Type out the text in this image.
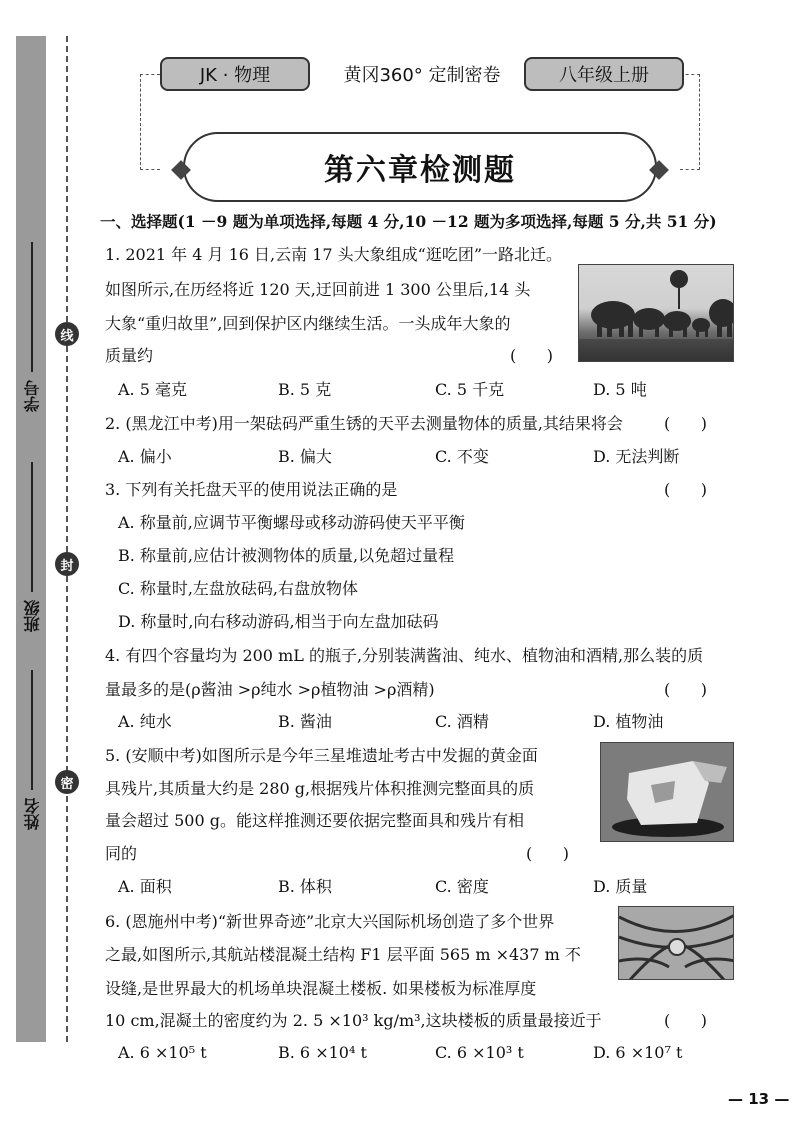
学号
班级
姓名
线
封
密
JK · 物理	黄冈360° 定制密卷	八年级上册
第六章检测题
一、选择题(1 －9 题为单项选择,每题 4 分,10 －12 题为多项选择,每题 5 分,共 51 分)
1. 2021 年 4 月 16 日,云南 17 头大象组成“逛吃团”一路北迁。
如图所示,在历经将近 120 天,迂回前进 1 300 公里后,14 头
大象“重归故里”,回到保护区内继续生活。一头成年大象的
质量约	(      )
A. 5 毫克	B. 5 克	C. 5 千克	D. 5 吨
2. (黑龙江中考)用一架砝码严重生锈的天平去测量物体的质量,其结果将会	(      )
A. 偏小	B. 偏大	C. 不变	D. 无法判断
3. 下列有关托盘天平的使用说法正确的是	(      )
A. 称量前,应调节平衡螺母或移动游码使天平平衡
B. 称量前,应估计被测物体的质量,以免超过量程
C. 称量时,左盘放砝码,右盘放物体
D. 称量时,向右移动游码,相当于向左盘加砝码
4. 有四个容量均为 200 mL 的瓶子,分别装满酱油、纯水、植物油和酒精,那么装的质
量最多的是(ρ酱油 >ρ纯水 >ρ植物油 >ρ酒精)	(      )
A. 纯水	B. 酱油	C. 酒精	D. 植物油
5. (安顺中考)如图所示是今年三星堆遗址考古中发掘的黄金面
具残片,其质量大约是 280 g,根据残片体积推测完整面具的质
量会超过 500 g。能这样推测还要依据完整面具和残片有相
同的	(      )
A. 面积	B. 体积	C. 密度	D. 质量
6. (恩施州中考)“新世界奇迹”北京大兴国际机场创造了多个世界
之最,如图所示,其航站楼混凝土结构 F1 层平面 565 m ×437 m 不
设缝,是世界最大的机场单块混凝土楼板. 如果楼板为标准厚度
10 cm,混凝土的密度约为 2. 5 ×10³ kg/m³,这块楼板的质量最接近于	(      )
A. 6 ×10⁵ t	B. 6 ×10⁴ t	C. 6 ×10³ t	D. 6 ×10⁷ t
— 13 —
